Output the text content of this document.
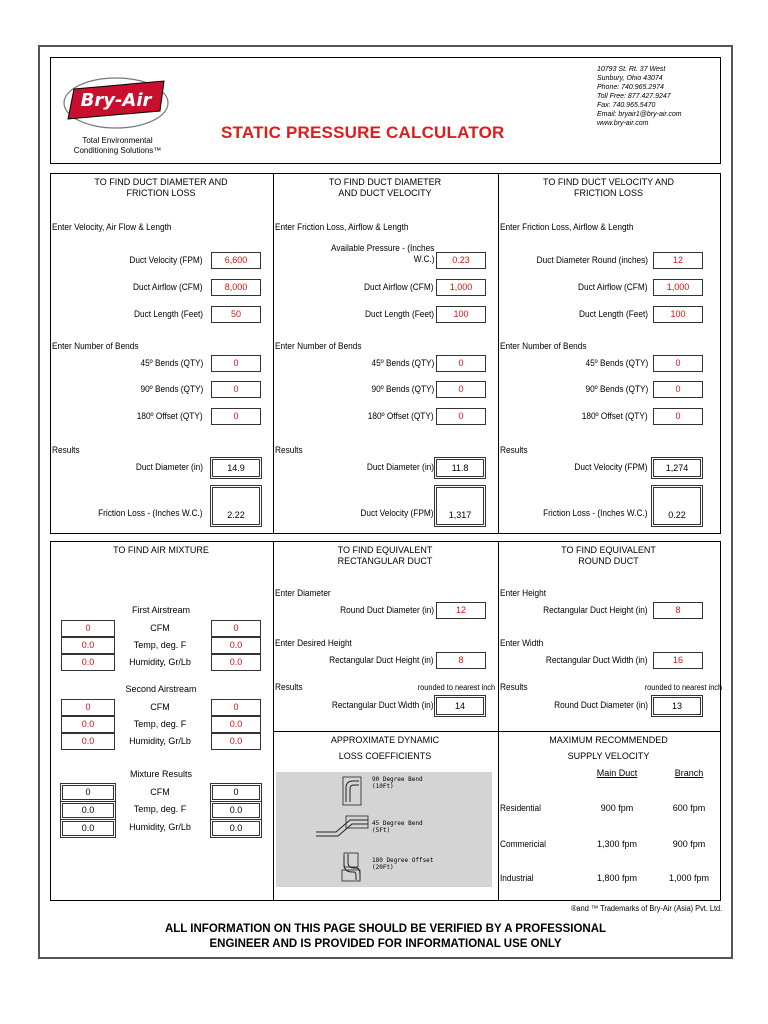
Bry-Air
Total Environmental
Conditioning Solutions™
STATIC PRESSURE CALCULATOR
10793 St. Rt. 37 West
Sunbury, Ohio 43074
Phone: 740.965.2974
Toll Free: 877.427.9247
Fax: 740.965.5470
Email: bryair1@bry-air.com
www.bry-air.com
TO FIND DUCT DIAMETER AND
FRICTION LOSS
Enter Velocity, Air Flow & Length
Duct Velocity (FPM)	6,600
Duct Airflow (CFM)	8,000
Duct Length (Feet)	50
Enter Number of Bends
45º Bends (QTY)	0
90º Bends (QTY)	0
180º Offset (QTY)	0
Results
Duct Diameter (in)	14.9
Friction Loss - (Inches W.C.)	2.22
TO FIND DUCT DIAMETER
AND DUCT VELOCITY
Enter Friction Loss, Airflow & Length
Available Pressure - (Inches
W.C.)	0.23
Duct Airflow (CFM)	1,000
Duct Length (Feet)	100
Enter Number of Bends
45º Bends (QTY)	0
90º Bends (QTY)	0
180º Offset (QTY)	0
Results
Duct Diameter (in)	11.8
Duct Velocity (FPM)	1,317
TO FIND DUCT VELOCITY AND
FRICTION LOSS
Enter Friction Loss, Airflow & Length
Duct Diameter Round (inches)	12
Duct Airflow (CFM)	1,000
Duct Length (Feet)	100
Enter Number of Bends
45º Bends (QTY)	0
90º Bends (QTY)	0
180º Offset (QTY)	0
Results
Duct Velocity (FPM)	1,274
Friction Loss - (Inches W.C.)	0.22
TO FIND AIR MIXTURE
First Airstream
0	CFM	0
0.0	Temp, deg. F	0.0
0.0	Humidity, Gr/Lb	0.0
Second Airstream
0	CFM	0
0.0	Temp, deg. F	0.0
0.0	Humidity, Gr/Lb	0.0
Mixture Results
0	CFM	0
0.0	Temp, deg. F	0.0
0.0	Humidity, Gr/Lb	0.0
TO FIND EQUIVALENT
RECTANGULAR DUCT
Enter Diameter
Round Duct Diameter (in)	12
Enter Desired Height
Rectangular Duct Height (in)	8
Results	rounded to nearest inch
Rectangular Duct Width (in)	14
TO FIND EQUIVALENT
ROUND DUCT
Enter Height
Rectangular Duct Height (in)	8
Enter Width
Rectangular Duct Width (in)	16
Results	rounded to nearest inch
Round Duct Diameter (in)	13
APPROXIMATE DYNAMIC
LOSS COEFFICIENTS
90 Degree Bend
(10Ft)
45 Degree Bend
(5Ft)
180 Degree Offset
(20Ft)
MAXIMUM RECOMMENDED
SUPPLY VELOCITY
Main Duct	Branch
Residential	900 fpm	600 fpm
Commericial	1,300 fpm	900 fpm
Industrial	1,800 fpm	1,000 fpm
®and ™ Trademarks of Bry-Air (Asia) Pvt. Ltd.
ALL INFORMATION ON THIS PAGE SHOULD BE VERIFIED BY A PROFESSIONAL
ENGINEER AND IS PROVIDED FOR INFORMATIONAL USE ONLY
